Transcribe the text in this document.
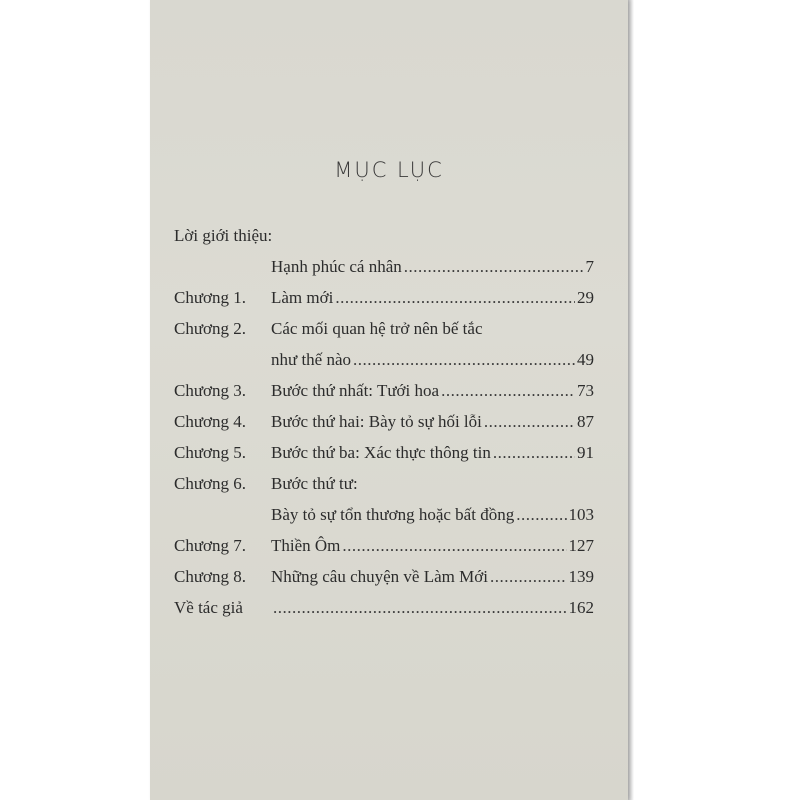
MỤC LỤC
Lời giới thiệu:
Hạnh phúc cá nhân .....	7
Chương 1.	Làm mới .....	29
Chương 2.	Các mối quan hệ trở nên bế tắc
như thế nào .....	49
Chương 3.	Bước thứ nhất: Tưới hoa .....	73
Chương 4.	Bước thứ hai: Bày tỏ sự hối lỗi .....	87
Chương 5.	Bước thứ ba: Xác thực thông tin .....	91
Chương 6.	Bước thứ tư:
Bày tỏ sự tổn thương hoặc bất đồng .....	103
Chương 7.	Thiền Ôm .....	127
Chương 8.	Những câu chuyện về Làm Mới .....	139
Về tác giả .....	162
